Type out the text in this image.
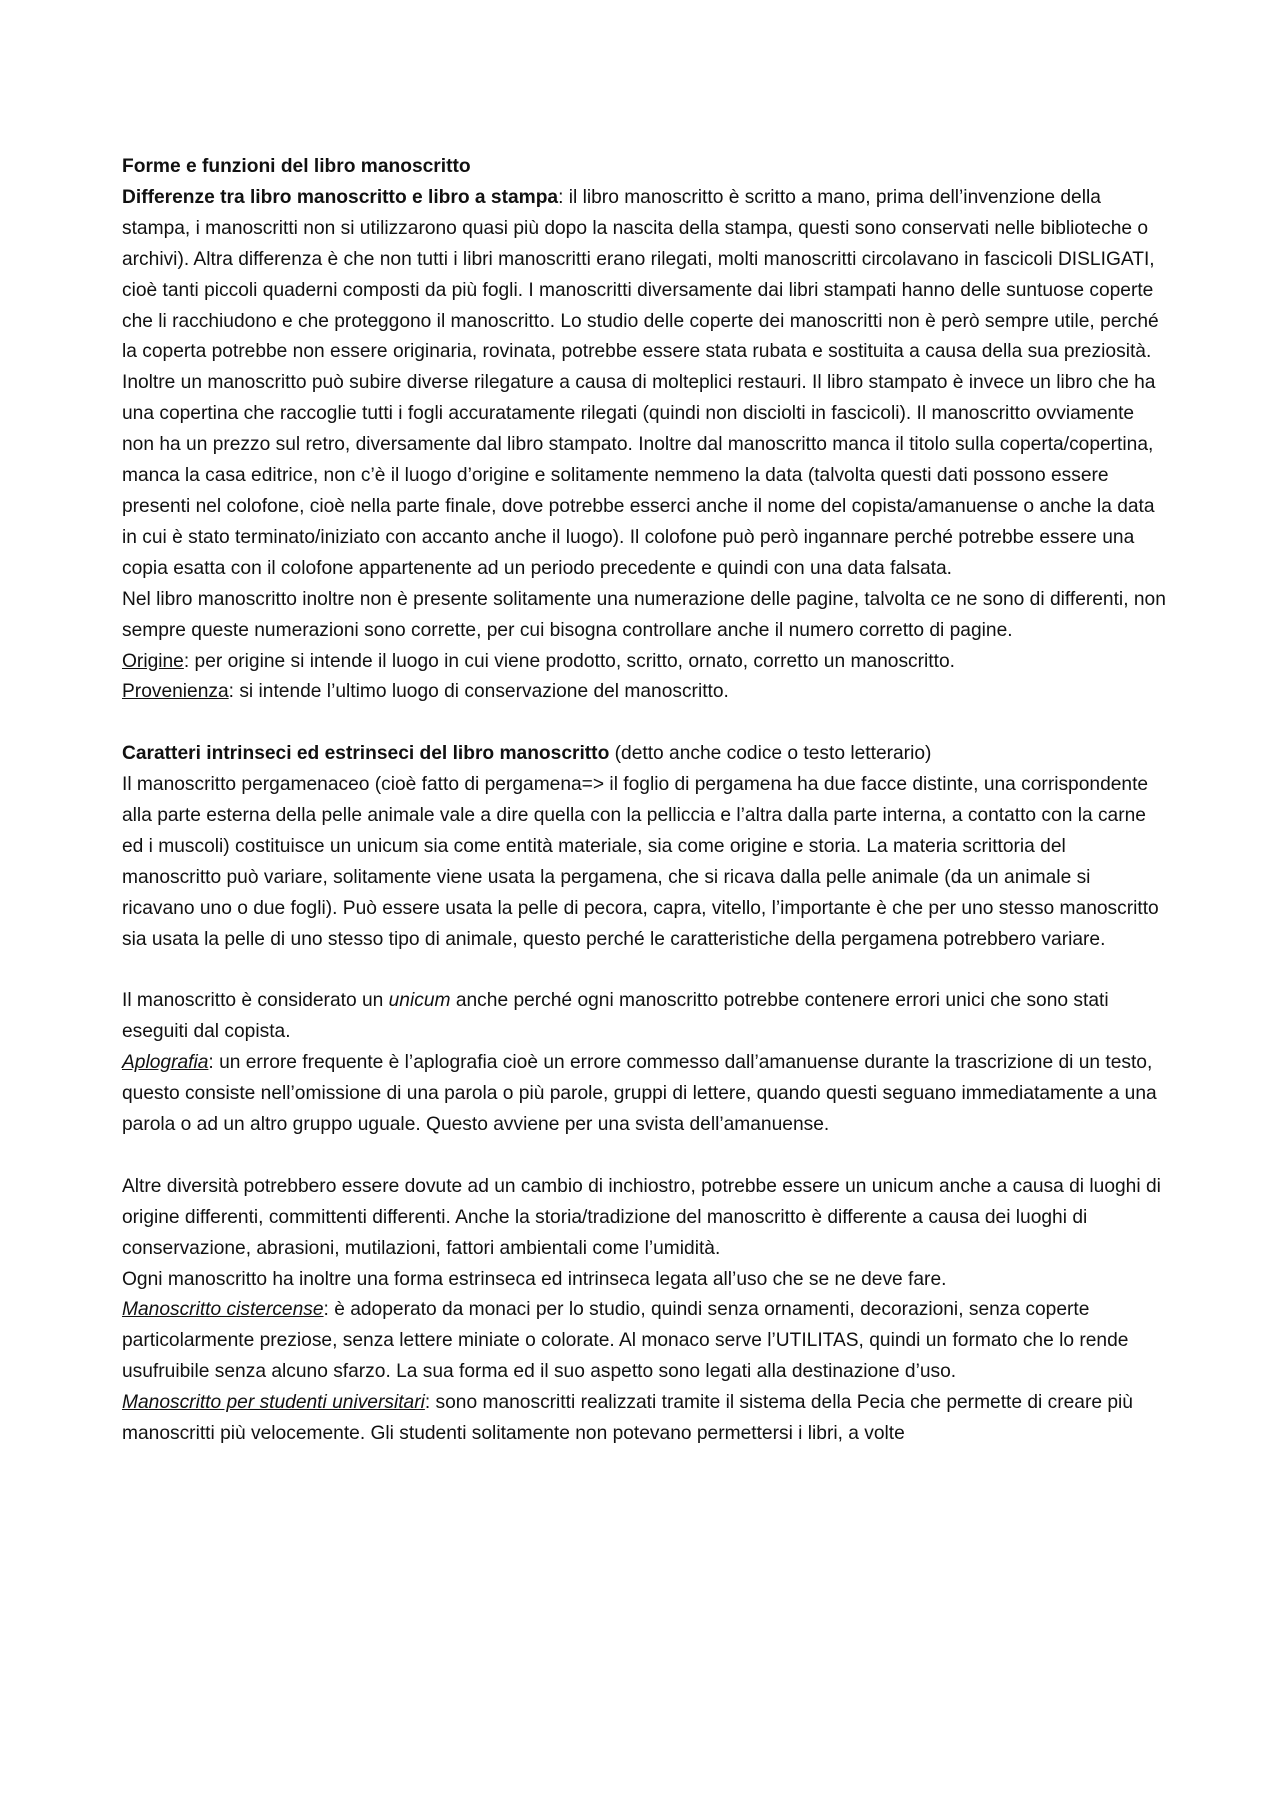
Forme e funzioni del libro manoscritto

Differenze tra libro manoscritto e libro a stampa: il libro manoscritto è scritto a mano, prima dell’invenzione della stampa, i manoscritti non si utilizzarono quasi più dopo la nascita della stampa, questi sono conservati nelle biblioteche o archivi). Altra differenza è che non tutti i libri manoscritti erano rilegati, molti manoscritti circolavano in fascicoli DISLIGATI, cioè tanti piccoli quaderni composti da più fogli. I manoscritti diversamente dai libri stampati hanno delle suntuose coperte che li racchiudono e che proteggono il manoscritto. Lo studio delle coperte dei manoscritti non è però sempre utile, perché la coperta potrebbe non essere originaria, rovinata, potrebbe essere stata rubata e sostituita a causa della sua preziosità. Inoltre un manoscritto può subire diverse rilegature a causa di molteplici restauri. Il libro stampato è invece un libro che ha una copertina che raccoglie tutti i fogli accuratamente rilegati (quindi non disciolti in fascicoli). Il manoscritto ovviamente non ha un prezzo sul retro, diversamente dal libro stampato. Inoltre dal manoscritto manca il titolo sulla coperta/copertina, manca la casa editrice, non c’è il luogo d’origine e solitamente nemmeno la data (talvolta questi dati possono essere presenti nel colofone, cioè nella parte finale, dove potrebbe esserci anche il nome del copista/amanuense o anche la data in cui è stato terminato/iniziato con accanto anche il luogo). Il colofone può però ingannare perché potrebbe essere una copia esatta con il colofone appartenente ad un periodo precedente e quindi con una data falsata.

Nel libro manoscritto inoltre non è presente solitamente una numerazione delle pagine, talvolta ce ne sono di differenti, non sempre queste numerazioni sono corrette, per cui bisogna controllare anche il numero corretto di pagine.

Origine: per origine si intende il luogo in cui viene prodotto, scritto, ornato, corretto un manoscritto.

Provenienza: si intende l’ultimo luogo di conservazione del manoscritto.

Caratteri intrinseci ed estrinseci del libro manoscritto (detto anche codice o testo letterario)

Il manoscritto pergamenaceo (cioè fatto di pergamena=> il foglio di pergamena ha due facce distinte, una corrispondente alla parte esterna della pelle animale vale a dire quella con la pelliccia e l’altra dalla parte interna, a contatto con la carne ed i muscoli) costituisce un unicum sia come entità materiale, sia come origine e storia. La materia scrittoria del manoscritto può variare, solitamente viene usata la pergamena, che si ricava dalla pelle animale (da un animale si ricavano uno o due fogli). Può essere usata la pelle di pecora, capra, vitello, l’importante è che per uno stesso manoscritto sia usata la pelle di uno stesso tipo di animale, questo perché le caratteristiche della pergamena potrebbero variare.

Il manoscritto è considerato un unicum anche perché ogni manoscritto potrebbe contenere errori unici che sono stati eseguiti dal copista.

Aplografia: un errore frequente è l’aplografia cioè un errore commesso dall’amanuense durante la trascrizione di un testo, questo consiste nell’omissione di una parola o più parole, gruppi di lettere, quando questi seguano immediatamente a una parola o ad un altro gruppo uguale. Questo avviene per una svista dell’amanuense.

Altre diversità potrebbero essere dovute ad un cambio di inchiostro, potrebbe essere un unicum anche a causa di luoghi di origine differenti, committenti differenti. Anche la storia/tradizione del manoscritto è differente a causa dei luoghi di conservazione, abrasioni, mutilazioni, fattori ambientali come l’umidità.

Ogni manoscritto ha inoltre una forma estrinseca ed intrinseca legata all’uso che se ne deve fare.

Manoscritto cistercense: è adoperato da monaci per lo studio, quindi senza ornamenti, decorazioni, senza coperte particolarmente preziose, senza lettere miniate o colorate. Al monaco serve l’UTILITAS, quindi un formato che lo rende usufruibile senza alcuno sfarzo. La sua forma ed il suo aspetto sono legati alla destinazione d’uso.

Manoscritto per studenti universitari: sono manoscritti realizzati tramite il sistema della Pecia che permette di creare più manoscritti più velocemente. Gli studenti solitamente non potevano permettersi i libri, a volte
